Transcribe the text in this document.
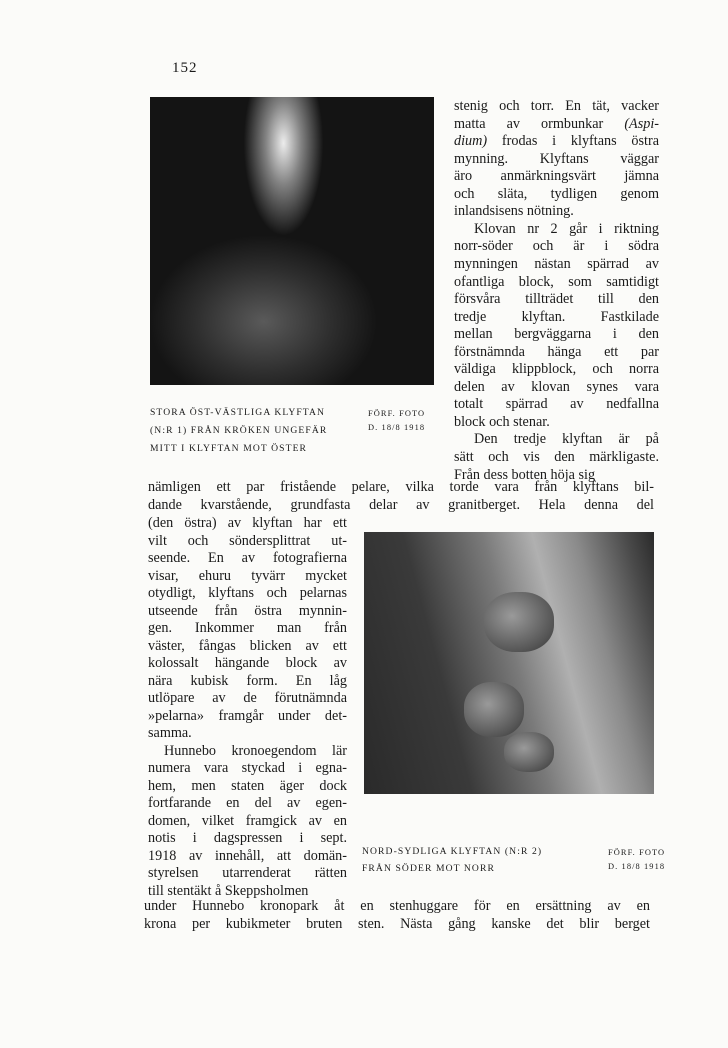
152
STORA ÖST-VÄSTLIGA KLYFTAN
(N:R 1) FRÅN KRÖKEN UNGEFÄR
MITT I KLYFTAN MOT ÖSTER
FÖRF. FOTO
D. 18/8 1918
stenig och torr. En tät, vacker
matta av ormbunkar (Aspi-
dium) frodas i klyftans östra
mynning. Klyftans väggar
äro anmärkningsvärt jämna
och släta, tydligen genom
inlandsisens nötning.
Klovan nr 2 går i riktning
norr-söder och är i södra
mynningen nästan spärrad av
ofantliga block, som samtidigt
försvåra tillträdet till den
tredje klyftan. Fastkilade
mellan bergväggarna i den
förstnämnda hänga ett par
väldiga klippblock, och norra
delen av klovan synes vara
totalt spärrad av nedfallna
block och stenar.
Den tredje klyftan är på
sätt och vis den märkligaste.
Från dess botten höja sig
nämligen ett par fristående pelare, vilka torde vara från klyftans bil-
dande kvarstående, grundfasta delar av granitberget. Hela denna del
(den östra) av klyftan har ett
vilt och söndersplittrat ut-
seende. En av fotografierna
visar, ehuru tyvärr mycket
otydligt, klyftans och pelarnas
utseende från östra mynnin-
gen. Inkommer man från
väster, fångas blicken av ett
kolossalt hängande block av
nära kubisk form. En låg
utlöpare av de förutnämnda
»pelarna» framgår under det-
samma.
Hunnebo kronoegendom lär
numera vara styckad i egna-
hem, men staten äger dock
fortfarande en del av egen-
domen, vilket framgick av en
notis i dagspressen i sept.
1918 av innehåll, att domän-
styrelsen utarrenderat rätten
till stentäkt å Skeppsholmen
NORD-SYDLIGA KLYFTAN (N:R 2)
FRÅN SÖDER MOT NORR
FÖRF. FOTO
D. 18/8 1918
under Hunnebo kronopark åt en stenhuggare för en ersättning av en
krona per kubikmeter bruten sten. Nästa gång kanske det blir berget
